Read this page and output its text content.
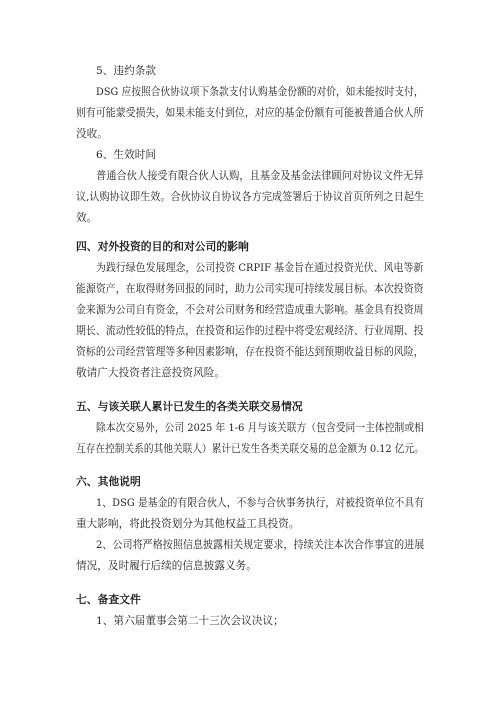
5、违约条款
DSG 应按照合伙协议项下条款支付认购基金份额的对价，如未能按时支付，
则有可能蒙受损失，如果未能支付到位，对应的基金份额有可能被普通合伙人所
没收。
6、生效时间
普通合伙人接受有限合伙人认购，且基金及基金法律顾问对协议文件无异
议,认购协议即生效。合伙协议自协议各方完成签署后于协议首页所列之日起生
效。
四、对外投资的目的和对公司的影响
为践行绿色发展理念，公司投资 CRPIF 基金旨在通过投资光伏、风电等新
能源资产，在取得财务回报的同时，助力公司实现可持续发展目标。本次投资资
金来源为公司自有资金，不会对公司财务和经营造成重大影响。基金具有投资周
期长、流动性较低的特点，在投资和运作的过程中将受宏观经济、行业周期、投
资标的公司经营管理等多种因素影响，存在投资不能达到预期收益目标的风险，
敬请广大投资者注意投资风险。
五、与该关联人累计已发生的各类关联交易情况
除本次交易外，公司 2025 年 1-6 月与该关联方（包含受同一主体控制或相
互存在控制关系的其他关联人）累计已发生各类关联交易的总金额为 0.12 亿元。
六、其他说明
1、DSG 是基金的有限合伙人，不参与合伙事务执行，对被投资单位不具有
重大影响，将此投资划分为其他权益工具投资。
2、公司将严格按照信息披露相关规定要求，持续关注本次合作事宜的进展
情况，及时履行后续的信息披露义务。
七、备查文件
1、第六届董事会第二十三次会议决议；
